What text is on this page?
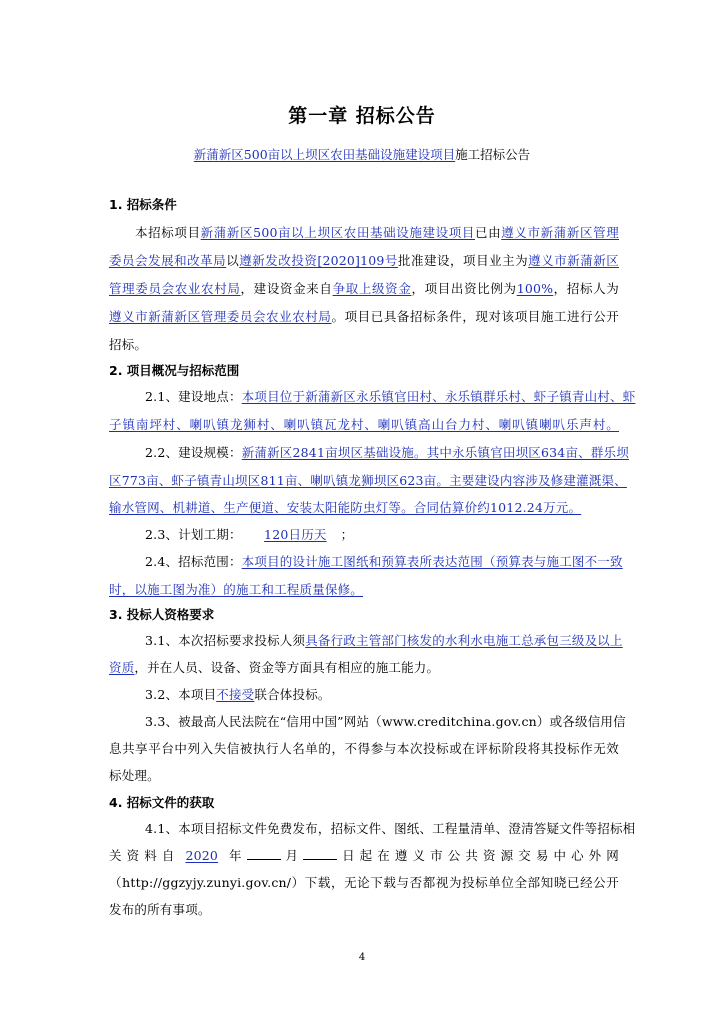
第一章 招标公告
新蒲新区500亩以上坝区农田基础设施建设项目施工招标公告
1. 招标条件
本招标项目新蒲新区500亩以上坝区农田基础设施建设项目已由遵义市新蒲新区管理
委员会发展和改革局以遵新发改投资[2020]109号批准建设，项目业主为遵义市新蒲新区
管理委员会农业农村局，建设资金来自争取上级资金，项目出资比例为100%，招标人为
遵义市新蒲新区管理委员会农业农村局。项目已具备招标条件，现对该项目施工进行公开
招标。
2. 项目概况与招标范围
2.1、建设地点：本项目位于新蒲新区永乐镇官田村、永乐镇群乐村、虾子镇青山村、虾
子镇南坪村、喇叭镇龙狮村、喇叭镇瓦龙村、喇叭镇高山台力村、喇叭镇喇叭乐声村。
2.2、建设规模：新蒲新区2841亩坝区基础设施。其中永乐镇官田坝区634亩、群乐坝
区773亩、虾子镇青山坝区811亩、喇叭镇龙狮坝区623亩。主要建设内容涉及修建灌溉渠、
输水管网、机耕道、生产便道、安装太阳能防虫灯等。合同估算价约1012.24万元。
2.3、计划工期： 120日历天 ；
2.4、招标范围：本项目的设计施工图纸和预算表所表达范围（预算表与施工图不一致
时，以施工图为准）的施工和工程质量保修。
3. 投标人资格要求
3.1、本次招标要求投标人须具备行政主管部门核发的水利水电施工总承包三级及以上
资质，并在人员、设备、资金等方面具有相应的施工能力。
3.2、本项目不接受联合体投标。
3.3、被最高人民法院在“信用中国”网站（www.creditchina.gov.cn）或各级信用信
息共享平台中列入失信被执行人名单的，不得参与本次投标或在评标阶段将其投标作无效
标处理。
4. 招标文件的获取
4.1、本项目招标文件免费发布，招标文件、图纸、工程量清单、澄清答疑文件等招标相
关资料自 2020 年	月	日起在遵义市公共资源交易中心外网
（http://ggzyjy.zunyi.gov.cn/）下载，无论下载与否都视为投标单位全部知晓已经公开
发布的所有事项。
4
